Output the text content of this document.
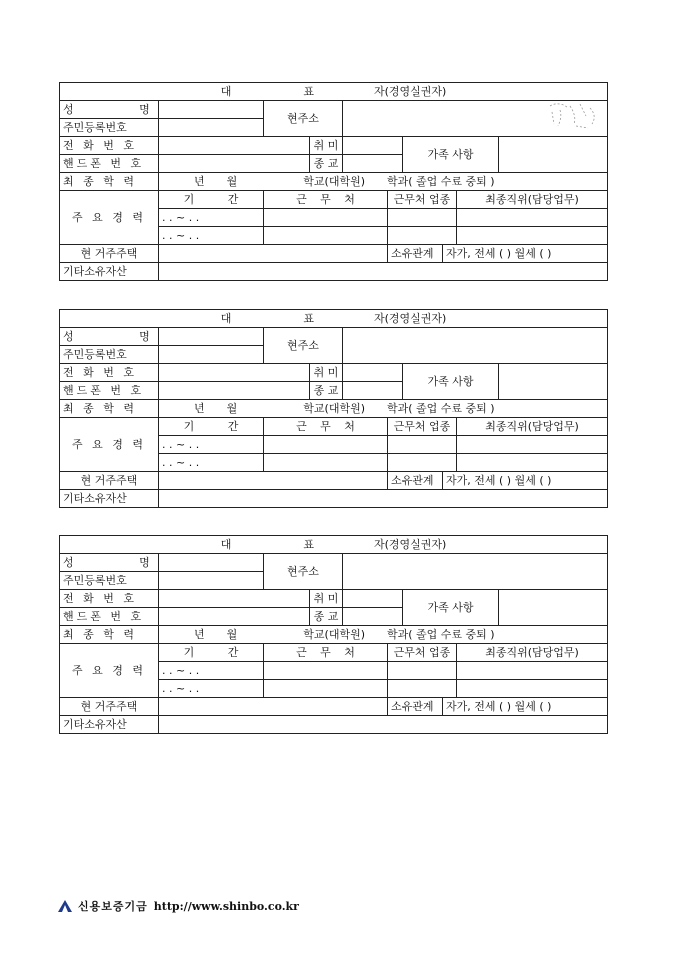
대 표 자(경영실권자)									
성 명		현주소							
주민등록번호									
전 화 번 호			취 미			가족 사항			
핸드폰 번 호			종 교						
최 종 학 력	년 월 학교(대학원) 학과( 졸업 수료 중퇴 )								
주 요 경 력	기 간	근 무 처			근무처 업종			최종직위(담당업무)	
	. . ~ . .								
	. . ~ . .								
현 거주주택					소유관계		자가, 전세 ( ) 월세 ( )		
기타소유자산									
대 표 자(경영실권자)									
성 명		현주소							
주민등록번호									
전 화 번 호			취 미			가족 사항			
핸드폰 번 호			종 교						
최 종 학 력	년 월 학교(대학원) 학과( 졸업 수료 중퇴 )								
주 요 경 력	기 간	근 무 처			근무처 업종			최종직위(담당업무)	
	. . ~ . .								
	. . ~ . .								
현 거주주택					소유관계		자가, 전세 ( ) 월세 ( )		
기타소유자산									
대 표 자(경영실권자)									
성 명		현주소							
주민등록번호									
전 화 번 호			취 미			가족 사항			
핸드폰 번 호			종 교						
최 종 학 력	년 월 학교(대학원) 학과( 졸업 수료 중퇴 )								
주 요 경 력	기 간	근 무 처			근무처 업종			최종직위(담당업무)	
	. . ~ . .								
	. . ~ . .								
현 거주주택					소유관계		자가, 전세 ( ) 월세 ( )		
기타소유자산									
신용보증기금 http://www.shinbo.co.kr
